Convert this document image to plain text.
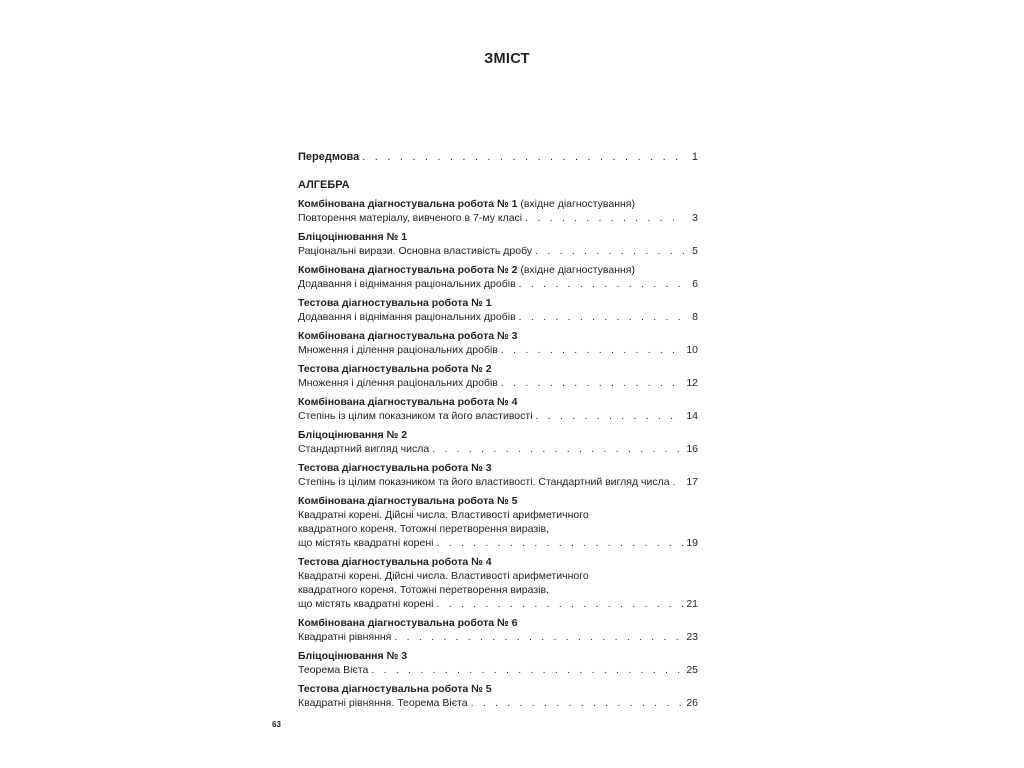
ЗМІСТ
Передмова . . .	1
АЛГЕБРА
Комбінована діагностувальна робота № 1 (вхідне діагностування)
Повторення матеріалу, вивченого в 7-му класі . . .	3
Бліцоцінювання № 1
Раціональні вирази. Основна властивість дробу . . .	5
Комбінована діагностувальна робота № 2 (вхідне діагностування)
Додавання і віднімання раціональних дробів . . .	6
Тестова діагностувальна робота № 1
Додавання і віднімання раціональних дробів . . .	8
Комбінована діагностувальна робота № 3
Множення і ділення раціональних дробів . . .	10
Тестова діагностувальна робота № 2
Множення і ділення раціональних дробів . . .	12
Комбінована діагностувальна робота № 4
Степінь із цілим показником та його властивості . . .	14
Бліцоцінювання № 2
Стандартний вигляд числа . . .	16
Тестова діагностувальна робота № 3
Степінь із цілим показником та його властивості. Стандартний вигляд числа . . . 17
Комбінована діагностувальна робота № 5
Квадратні корені. Дійсні числа. Властивості арифметичного
квадратного кореня. Тотожні перетворення виразів,
що містять квадратні корені . . .	19
Тестова діагностувальна робота № 4
Квадратні корені. Дійсні числа. Властивості арифметичного
квадратного кореня. Тотожні перетворення виразів,
що містять квадратні корені . . .	21
Комбінована діагностувальна робота № 6
Квадратні рівняння . . .	23
Бліцоцінювання № 3
Теорема Вієта . . .	25
Тестова діагностувальна робота № 5
Квадратні рівняння. Теорема Вієта . . .	26
63
